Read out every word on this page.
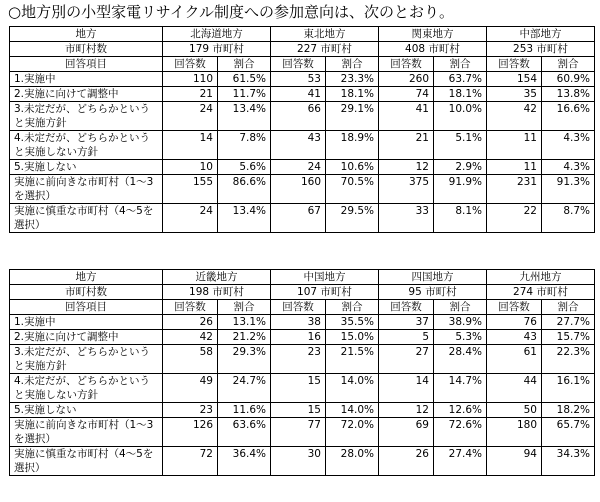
○地方別の小型家電リサイクル制度への参加意向は、次のとおり。
地方	北海道地方		東北地方		関東地方		中部地方	
市町村数	179 市町村		227 市町村		408 市町村		253 市町村	
回答項目	回答数	割合	回答数	割合	回答数	割合	回答数	割合
1.実施中	110	61.5%	53	23.3%	260	63.7%	154	60.9%
2.実施に向けて調整中	21	11.7%	41	18.1%	74	18.1%	35	13.8%
3.未定だが、どちらかというと実施方針	24	13.4%	66	29.1%	41	10.0%	42	16.6%
4.未定だが、どちらかというと実施しない方針	14	7.8%	43	18.9%	21	5.1%	11	4.3%
5.実施しない	10	5.6%	24	10.6%	12	2.9%	11	4.3%
実施に前向きな市町村（1～3を選択）	155	86.6%	160	70.5%	375	91.9%	231	91.3%
実施に慎重な市町村（4～5を選択）	24	13.4%	67	29.5%	33	8.1%	22	8.7%
地方	近畿地方		中国地方		四国地方		九州地方	
市町村数	198 市町村		107 市町村		95 市町村		274 市町村	
回答項目	回答数	割合	回答数	割合	回答数	割合	回答数	割合
1.実施中	26	13.1%	38	35.5%	37	38.9%	76	27.7%
2.実施に向けて調整中	42	21.2%	16	15.0%	5	5.3%	43	15.7%
3.未定だが、どちらかというと実施方針	58	29.3%	23	21.5%	27	28.4%	61	22.3%
4.未定だが、どちらかというと実施しない方針	49	24.7%	15	14.0%	14	14.7%	44	16.1%
5.実施しない	23	11.6%	15	14.0%	12	12.6%	50	18.2%
実施に前向きな市町村（1～3を選択）	126	63.6%	77	72.0%	69	72.6%	180	65.7%
実施に慎重な市町村（4～5を選択）	72	36.4%	30	28.0%	26	27.4%	94	34.3%
